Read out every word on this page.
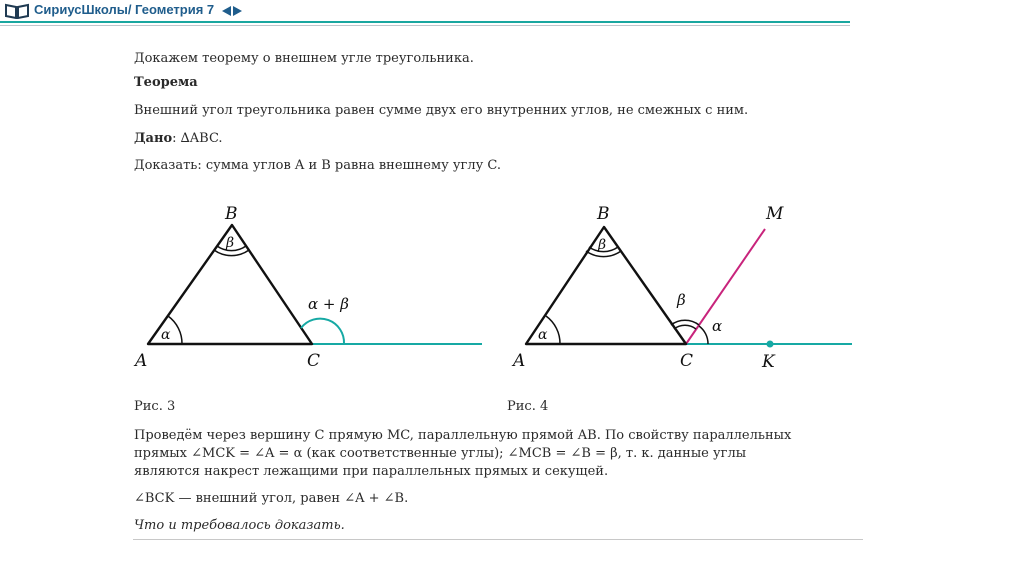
СириусШколы/ Геометрия 7
Докажем теорему о внешнем угле треугольника.
Теорема
Внешний угол треугольника равен сумме двух его внутренних углов, не смежных с ним.
Дано: ∆ABC.
Доказать: сумма углов A и B равна внешнему углу C.
A
B
C
α
β
α + β
A
B
C
M
K
α
β
β
α
Рис. 3	Рис. 4
Проведём через вершину C прямую MC, параллельную прямой AB. По свойству параллельных
прямых ∠MCK = ∠A = α (как соответственные углы); ∠MCB = ∠B = β, т. к. данные углы
являются накрест лежащими при параллельных прямых и секущей.
∠BCK — внешний угол, равен ∠A + ∠B.
Что и требовалось доказать.
